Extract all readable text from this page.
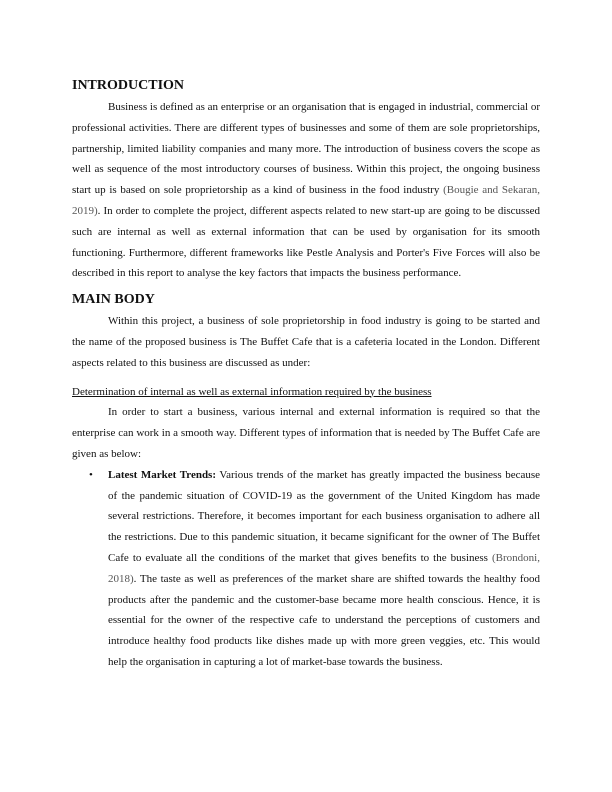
INTRODUCTION

Business is defined as an enterprise or an organisation that is engaged in industrial, commercial or professional activities. There are different types of businesses and some of them are sole proprietorships, partnership, limited liability companies and many more. The introduction of business covers the scope as well as sequence of the most introductory courses of business. Within this project, the ongoing business start up is based on sole proprietorship as a kind of business in the food industry (Bougie and Sekaran, 2019). In order to complete the project, different aspects related to new start-up are going to be discussed such are internal as well as external information that can be used by organisation for its smooth functioning. Furthermore, different frameworks like Pestle Analysis and Porter's Five Forces will also be described in this report to analyse the key factors that impacts the business performance.

MAIN BODY

Within this project, a business of sole proprietorship in food industry is going to be started and the name of the proposed business is The Buffet Cafe that is a cafeteria located in the London. Different aspects related to this business are discussed as under:

Determination of internal as well as external information required by the business

In order to start a business, various internal and external information is required so that the enterprise can work in a smooth way. Different types of information that is needed by The Buffet Cafe are given as below:

• Latest Market Trends: Various trends of the market has greatly impacted the business because of the pandemic situation of COVID-19 as the government of the United Kingdom has made several restrictions. Therefore, it becomes important for each business organisation to adhere all the restrictions. Due to this pandemic situation, it became significant for the owner of The Buffet Cafe to evaluate all the conditions of the market that gives benefits to the business (Brondoni, 2018). The taste as well as preferences of the market share are shifted towards the healthy food products after the pandemic and the customer-base became more health conscious. Hence, it is essential for the owner of the respective cafe to understand the perceptions of customers and introduce healthy food products like dishes made up with more green veggies, etc. This would help the organisation in capturing a lot of market-base towards the business.
